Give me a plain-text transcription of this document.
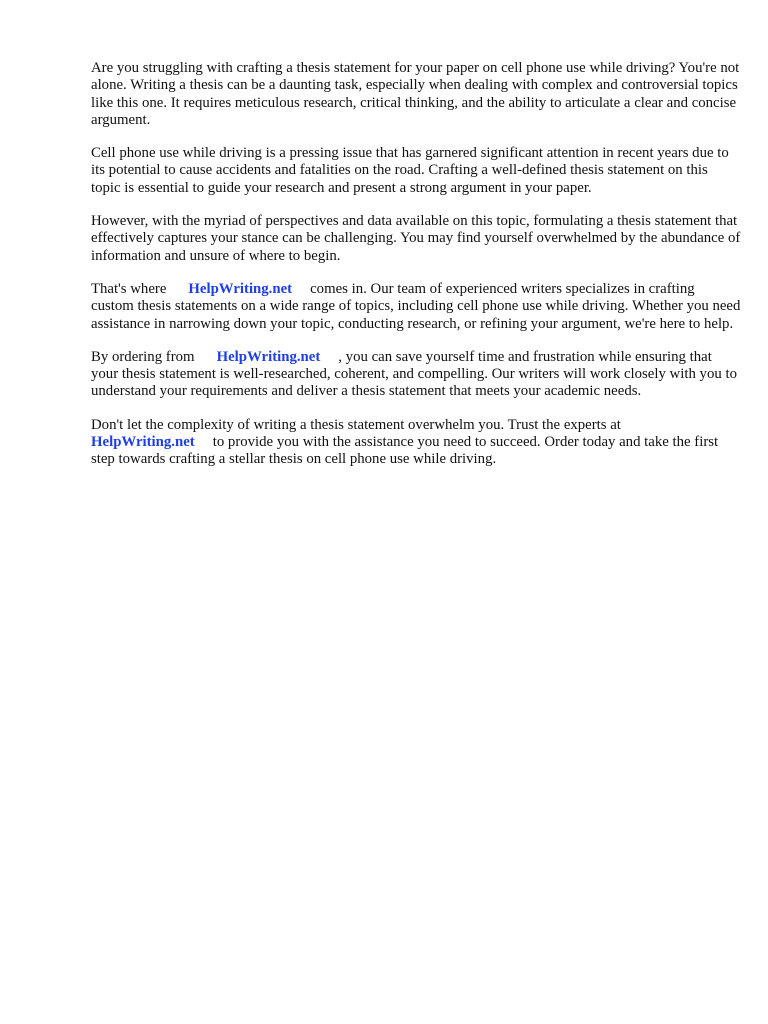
Are you struggling with crafting a thesis statement for your paper on cell phone use while driving? You're not alone. Writing a thesis can be a daunting task, especially when dealing with complex and controversial topics like this one. It requires meticulous research, critical thinking, and the ability to articulate a clear and concise argument.

Cell phone use while driving is a pressing issue that has garnered significant attention in recent years due to its potential to cause accidents and fatalities on the road. Crafting a well-defined thesis statement on this topic is essential to guide your research and present a strong argument in your paper.

However, with the myriad of perspectives and data available on this topic, formulating a thesis statement that effectively captures your stance can be challenging. You may find yourself overwhelmed by the abundance of information and unsure of where to begin.

That's where HelpWriting.net comes in. Our team of experienced writers specializes in crafting custom thesis statements on a wide range of topics, including cell phone use while driving. Whether you need assistance in narrowing down your topic, conducting research, or refining your argument, we're here to help.

By ordering from HelpWriting.net , you can save yourself time and frustration while ensuring that your thesis statement is well-researched, coherent, and compelling. Our writers will work closely with you to understand your requirements and deliver a thesis statement that meets your academic needs.

Don't let the complexity of writing a thesis statement overwhelm you. Trust the experts at HelpWriting.net to provide you with the assistance you need to succeed. Order today and take the first step towards crafting a stellar thesis on cell phone use while driving.
